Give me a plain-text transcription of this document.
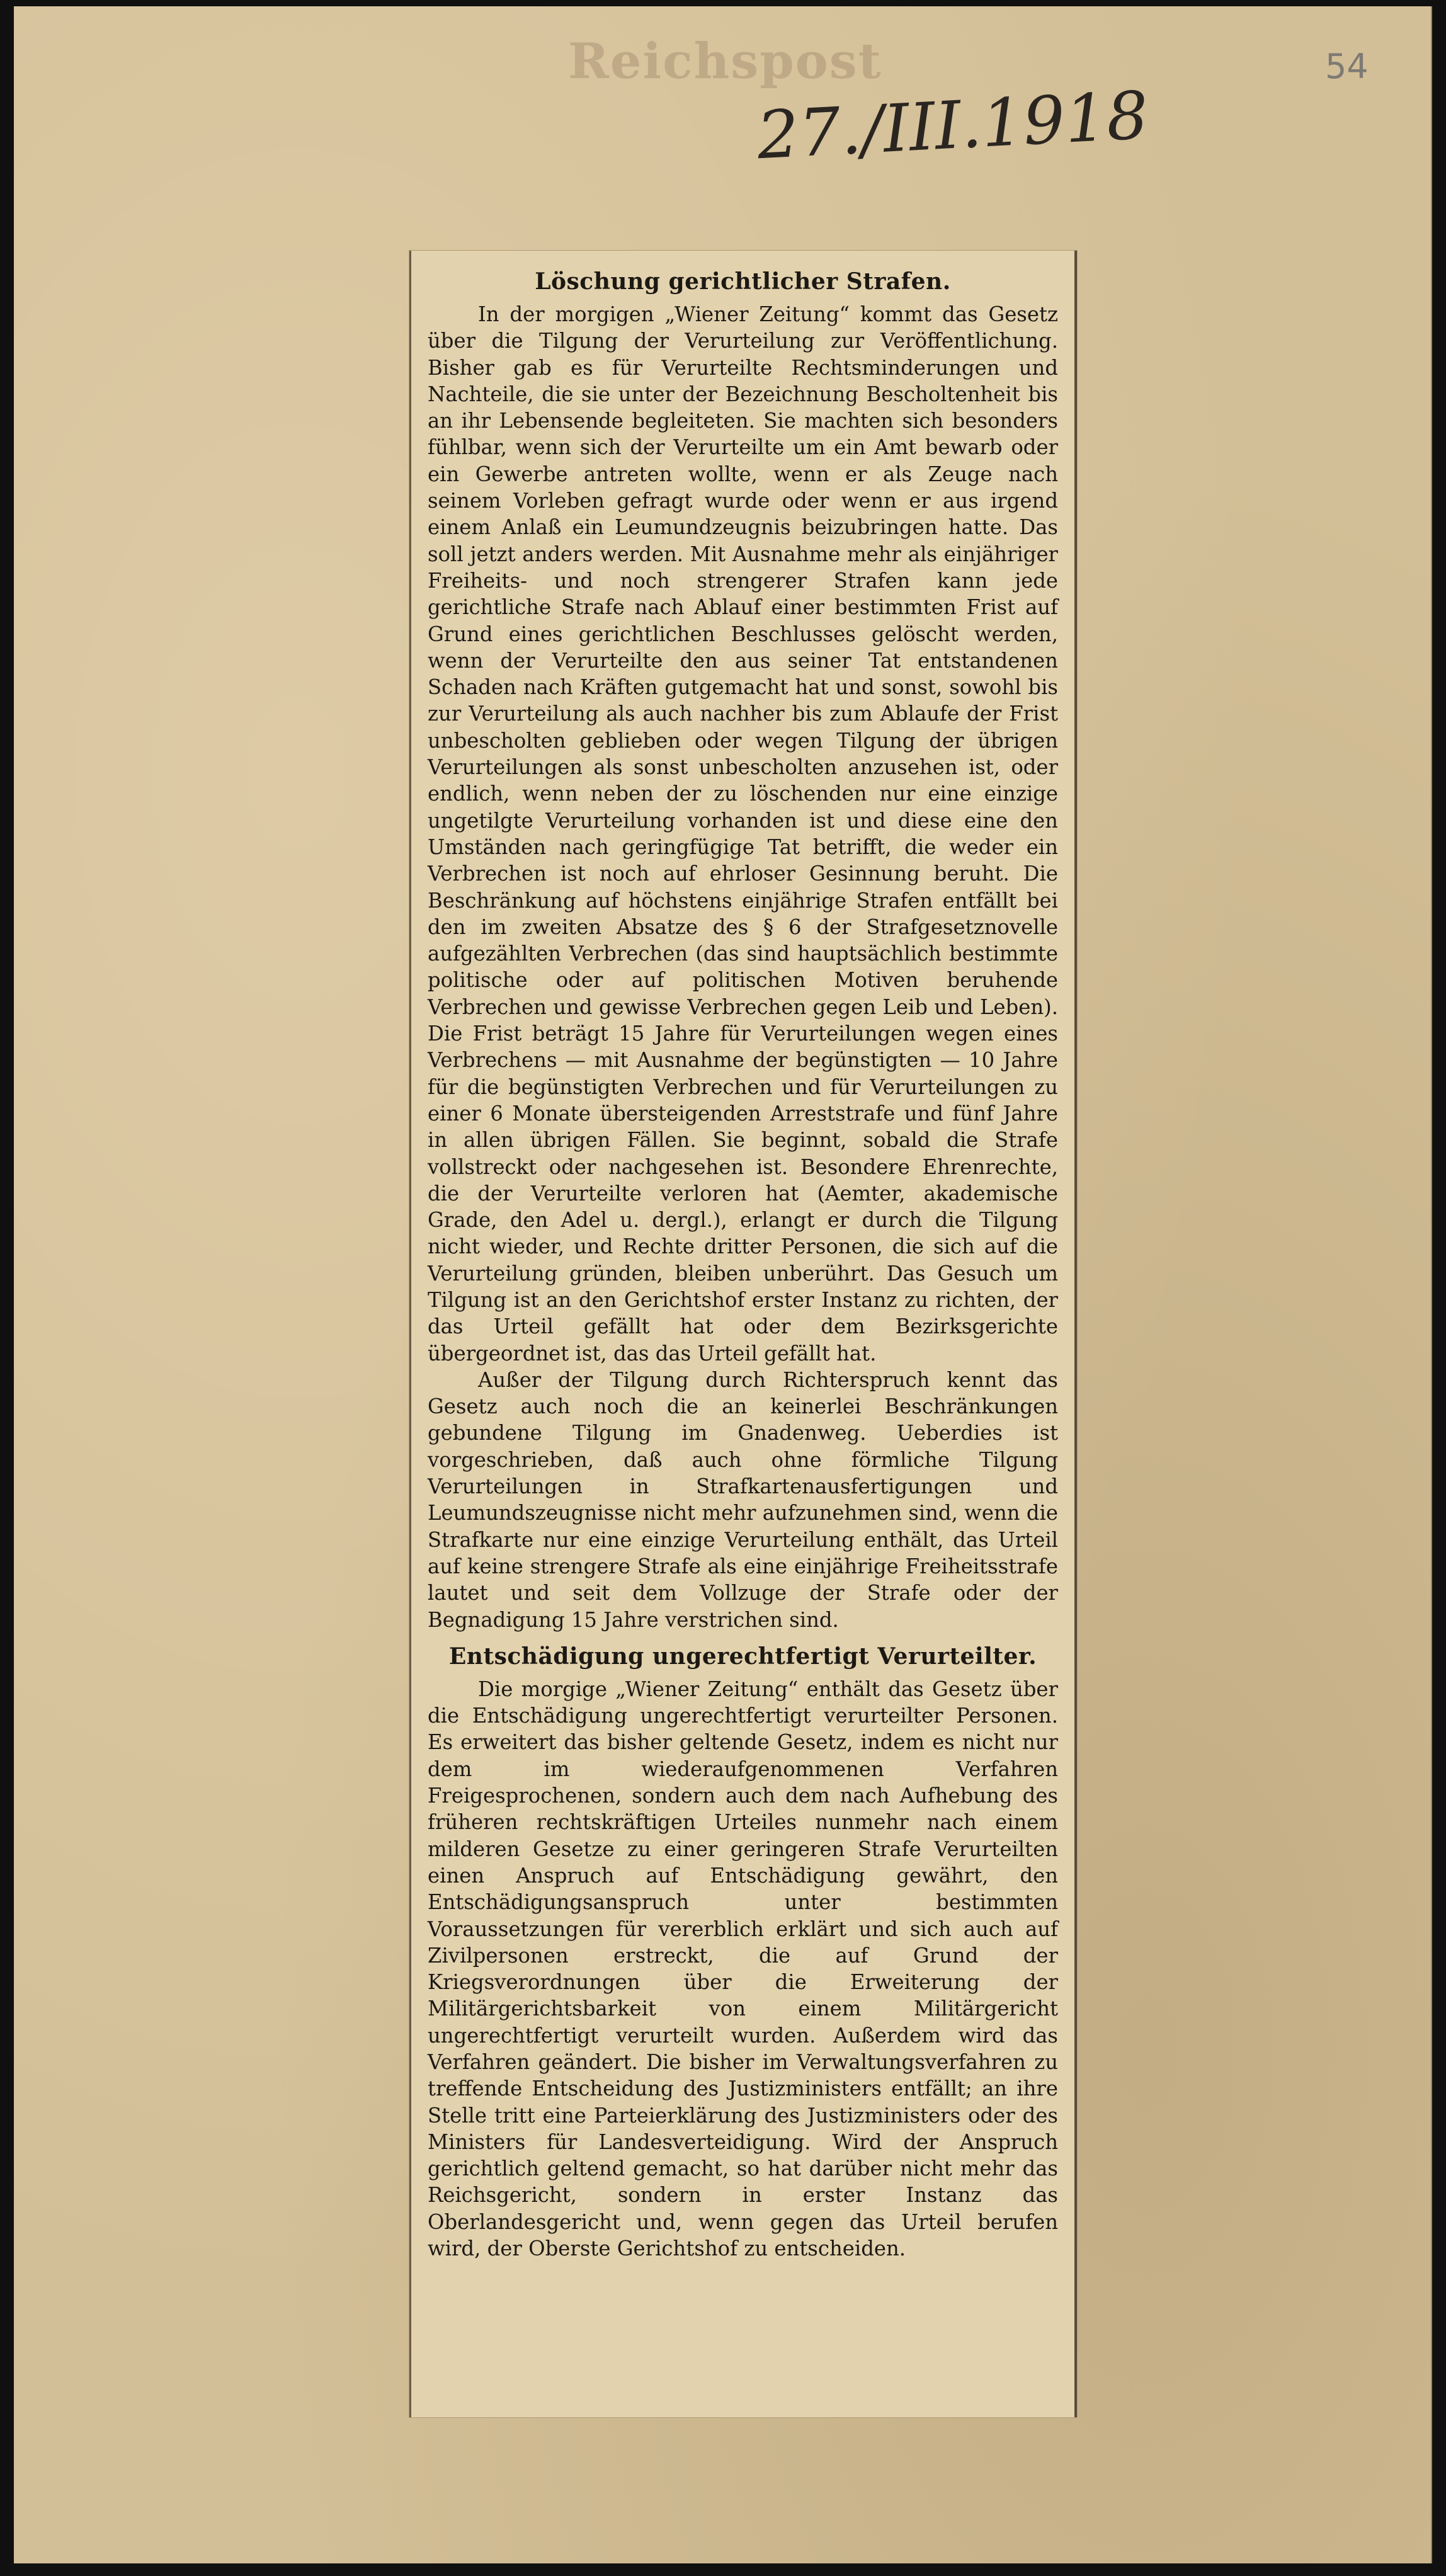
Reichspost	54
27./III.1918
Löschung gerichtlicher Strafen.

In der morgigen „Wiener Zeitung“ kommt das Gesetz über die Tilgung der Verurteilung zur Veröffentlichung. Bisher gab es für Verurteilte Rechtsminderungen und Nachteile, die sie unter der Bezeichnung Bescholtenheit bis an ihr Lebensende begleiteten. Sie machten sich besonders fühlbar, wenn sich der Verurteilte um ein Amt bewarb oder ein Gewerbe antreten wollte, wenn er als Zeuge nach seinem Vorleben gefragt wurde oder wenn er aus irgend einem Anlaß ein Leumundzeugnis beizubringen hatte. Das soll jetzt anders werden. Mit Ausnahme mehr als einjähriger Freiheits- und noch strengerer Strafen kann jede gerichtliche Strafe nach Ablauf einer bestimmten Frist auf Grund eines gerichtlichen Beschlusses gelöscht werden, wenn der Verurteilte den aus seiner Tat entstandenen Schaden nach Kräften gutgemacht hat und sonst, sowohl bis zur Verurteilung als auch nachher bis zum Ablaufe der Frist unbescholten geblieben oder wegen Tilgung der übrigen Verurteilungen als sonst unbescholten anzusehen ist, oder endlich, wenn neben der zu löschenden nur eine einzige ungetilgte Verurteilung vorhanden ist und diese eine den Umständen nach geringfügige Tat betrifft, die weder ein Verbrechen ist noch auf ehrloser Gesinnung beruht. Die Beschränkung auf höchstens einjährige Strafen entfällt bei den im zweiten Absatze des § 6 der Strafgesetznovelle aufgezählten Verbrechen (das sind hauptsächlich bestimmte politische oder auf politischen Motiven beruhende Verbrechen und gewisse Verbrechen gegen Leib und Leben). Die Frist beträgt 15 Jahre für Verurteilungen wegen eines Verbrechens — mit Ausnahme der begünstigten — 10 Jahre für die begünstigten Verbrechen und für Verurteilungen zu einer 6 Monate übersteigenden Arreststrafe und fünf Jahre in allen übrigen Fällen. Sie beginnt, sobald die Strafe vollstreckt oder nachgesehen ist. Besondere Ehrenrechte, die der Verurteilte verloren hat (Aemter, akademische Grade, den Adel u. dergl.), erlangt er durch die Tilgung nicht wieder, und Rechte dritter Personen, die sich auf die Verurteilung gründen, bleiben unberührt. Das Gesuch um Tilgung ist an den Gerichtshof erster Instanz zu richten, der das Urteil gefällt hat oder dem Bezirksgerichte übergeordnet ist, das das Urteil gefällt hat.

Außer der Tilgung durch Richterspruch kennt das Gesetz auch noch die an keinerlei Beschränkungen gebundene Tilgung im Gnadenweg. Ueberdies ist vorgeschrieben, daß auch ohne förmliche Tilgung Verurteilungen in Strafkartenausfertigungen und Leumundszeugnisse nicht mehr aufzunehmen sind, wenn die Strafkarte nur eine einzige Verurteilung enthält, das Urteil auf keine strengere Strafe als eine einjährige Freiheitsstrafe lautet und seit dem Vollzuge der Strafe oder der Begnadigung 15 Jahre verstrichen sind.

Entschädigung ungerechtfertigt Verurteilter.

Die morgige „Wiener Zeitung“ enthält das Gesetz über die Entschädigung ungerechtfertigt verurteilter Personen. Es erweitert das bisher geltende Gesetz, indem es nicht nur dem im wiederaufgenommenen Verfahren Freigesprochenen, sondern auch dem nach Aufhebung des früheren rechtskräftigen Urteiles nunmehr nach einem milderen Gesetze zu einer geringeren Strafe Verurteilten einen Anspruch auf Entschädigung gewährt, den Entschädigungsanspruch unter bestimmten Voraussetzungen für vererblich erklärt und sich auch auf Zivilpersonen erstreckt, die auf Grund der Kriegsverordnungen über die Erweiterung der Militärgerichtsbarkeit von einem Militärgericht ungerechtfertigt verurteilt wurden. Außerdem wird das Verfahren geändert. Die bisher im Verwaltungsverfahren zu treffende Entscheidung des Justizministers entfällt; an ihre Stelle tritt eine Parteierklärung des Justizministers oder des Ministers für Landesverteidigung. Wird der Anspruch gerichtlich geltend gemacht, so hat darüber nicht mehr das Reichsgericht, sondern in erster Instanz das Oberlandesgericht und, wenn gegen das Urteil berufen wird, der Oberste Gerichtshof zu entscheiden.
